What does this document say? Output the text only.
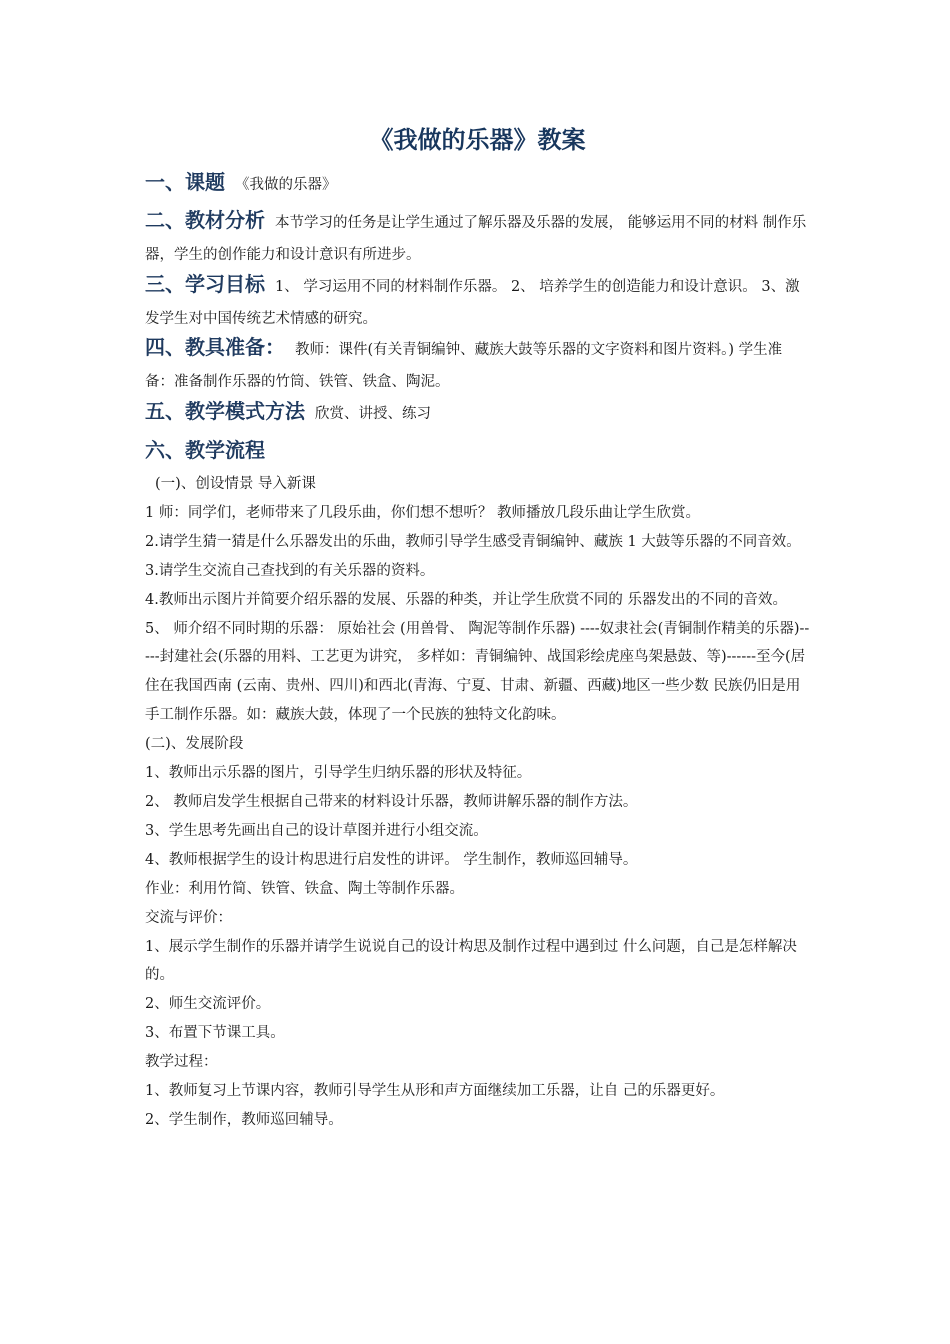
《我做的乐器》教案

一、课题 《我做的乐器》

二、教材分析 本节学习的任务是让学生通过了解乐器及乐器的发展， 能够运用不同的材料 制作乐器，学生的创作能力和设计意识有所进步。

三、学习目标 1、 学习运用不同的材料制作乐器。 2、 培养学生的创造能力和设计意识。 3、激发学生对中国传统艺术情感的研究。

四、教具准备： 教师：课件(有关青铜编钟、藏族大鼓等乐器的文字资料和图片资料。) 学生准备：准备制作乐器的竹筒、铁管、铁盒、陶泥。

五、教学模式方法 欣赏、讲授、练习

六、教学流程

(一)、创设情景 导入新课

1 师：同学们，老师带来了几段乐曲，你们想不想听？ 教师播放几段乐曲让学生欣赏。

2.请学生猜一猜是什么乐器发出的乐曲，教师引导学生感受青铜编钟、藏族 1 大鼓等乐器的不同音效。

3.请学生交流自己查找到的有关乐器的资料。

4.教师出示图片并简要介绍乐器的发展、乐器的种类，并让学生欣赏不同的 乐器发出的不同的音效。 5、 师介绍不同时期的乐器： 原始社会 (用兽骨、 陶泥等制作乐器) ----奴隶社会(青铜制作精美的乐器)-----封建社会(乐器的用料、工艺更为讲究， 多样如：青铜编钟、战国彩绘虎座鸟架悬鼓、等)------至今(居住在我国西南 (云南、贵州、四川)和西北(青海、宁夏、甘肃、新疆、西藏)地区一些少数 民族仍旧是用手工制作乐器。如：藏族大鼓，体现了一个民族的独特文化韵味。

(二)、发展阶段

1、教师出示乐器的图片，引导学生归纳乐器的形状及特征。

2、 教师启发学生根据自己带来的材料设计乐器，教师讲解乐器的制作方法。

3、学生思考先画出自己的设计草图并进行小组交流。

4、教师根据学生的设计构思进行启发性的讲评。 学生制作，教师巡回辅导。

作业：利用竹简、铁管、铁盒、陶土等制作乐器。

交流与评价：

1、展示学生制作的乐器并请学生说说自己的设计构思及制作过程中遇到过 什么问题，自己是怎样解决的。

2、师生交流评价。

3、布置下节课工具。

教学过程：

1、教师复习上节课内容，教师引导学生从形和声方面继续加工乐器，让自 己的乐器更好。

2、学生制作，教师巡回辅导。
